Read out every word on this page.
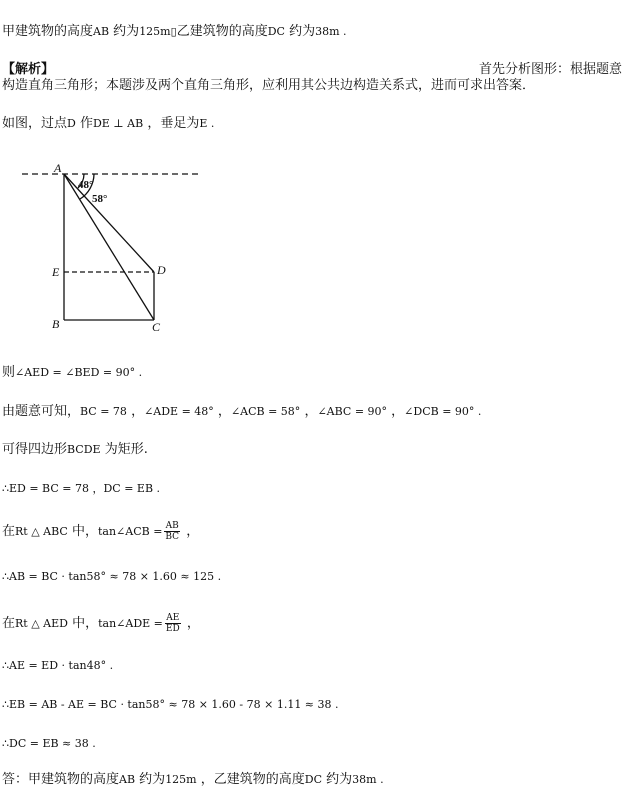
甲建筑物的高度AB 约为125m▯乙建筑物的高度DC 约为38m .
【解析】	首先分析图形：根据题意
构造直角三角形；本题涉及两个直角三角形，应利用其公共边构造关系式，进而可求出答案．
如图，过点D 作DE ⊥ AB ，垂足为E .
A
E
B	C
D
48°
58°
则∠AED = ∠BED = 90° .
由题意可知，BC = 78 ，∠ADE = 48° ，∠ACB = 58° ，∠ABC = 90° ，∠DCB = 90° .
可得四边形BCDE 为矩形.
∴ED = BC = 78 ，DC = EB .
在Rt △ ABC 中，tan∠ACB = $\frac{AB}{BC}$ ，
∴AB = BC · tan58° ≈ 78 × 1.60 ≈ 125 .
在Rt △ AED 中，tan∠ADE = $\frac{AE}{ED}$ ，
∴AE = ED · tan48° .
∴EB = AB - AE = BC · tan58° ≈ 78 × 1.60 - 78 × 1.11 ≈ 38 .
∴DC = EB ≈ 38 .
答：甲建筑物的高度AB 约为125m ，乙建筑物的高度DC 约为38m .
